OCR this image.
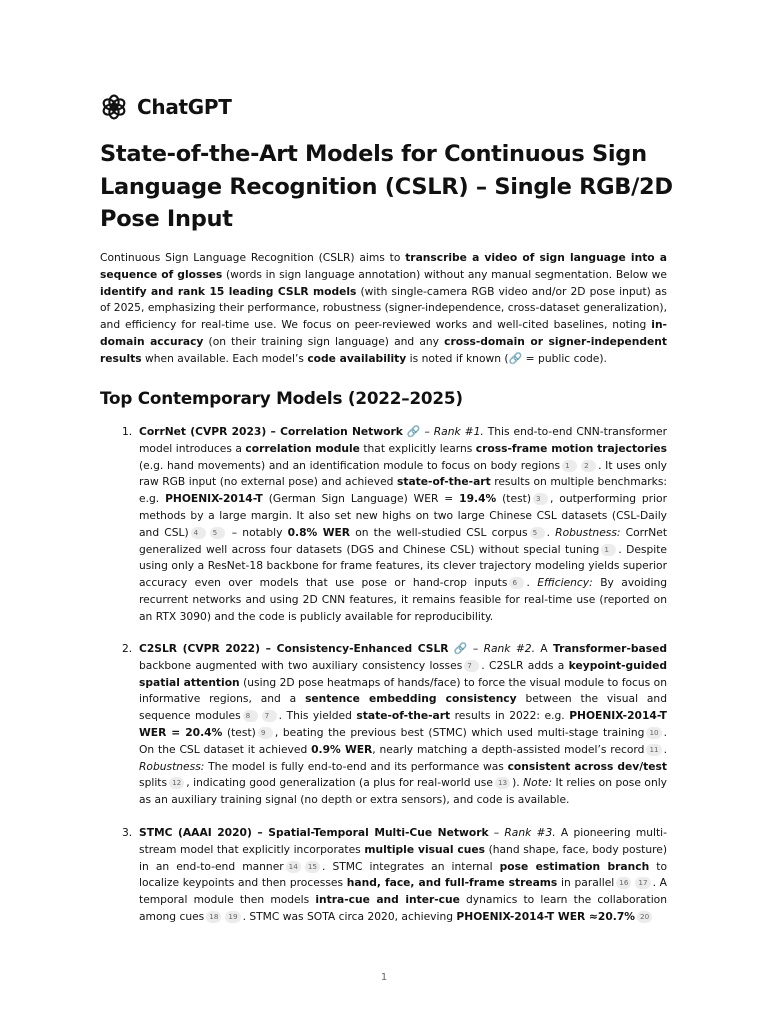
ChatGPT
State-of-the-Art Models for Continuous Sign Language Recognition (CSLR) – Single RGB/2D Pose Input

Continuous Sign Language Recognition (CSLR) aims to transcribe a video of sign language into a sequence of glosses (words in sign language annotation) without any manual segmentation. Below we identify and rank 15 leading CSLR models (with single-camera RGB video and/or 2D pose input) as of 2025, emphasizing their performance, robustness (signer-independence, cross-dataset generalization), and efficiency for real-time use. We focus on peer-reviewed works and well-cited baselines, noting in-domain accuracy (on their training sign language) and any cross-domain or signer-independent results when available. Each model’s code availability is noted if known (🔗 = public code).

Top Contemporary Models (2022–2025)

1. CorrNet (CVPR 2023) – Correlation Network 🔗 – Rank #1. This end-to-end CNN-transformer model introduces a correlation module that explicitly learns cross-frame motion trajectories (e.g. hand movements) and an identification module to focus on body regions 1 2 . It uses only raw RGB input (no external pose) and achieved state-of-the-art results on multiple benchmarks: e.g. PHOENIX-2014-T (German Sign Language) WER = 19.4% (test) 3 , outperforming prior methods by a large margin. It also set new highs on two large Chinese CSL datasets (CSL-Daily and CSL) 4 5 – notably 0.8% WER on the well-studied CSL corpus 5 . Robustness: CorrNet generalized well across four datasets (DGS and Chinese CSL) without special tuning 1 . Despite using only a ResNet-18 backbone for frame features, its clever trajectory modeling yields superior accuracy even over models that use pose or hand-crop inputs 6 . Efficiency: By avoiding recurrent networks and using 2D CNN features, it remains feasible for real-time use (reported on an RTX 3090) and the code is publicly available for reproducibility.

2. C2SLR (CVPR 2022) – Consistency-Enhanced CSLR 🔗 – Rank #2. A Transformer-based backbone augmented with two auxiliary consistency losses 7 . C2SLR adds a keypoint-guided spatial attention (using 2D pose heatmaps of hands/face) to force the visual module to focus on informative regions, and a sentence embedding consistency between the visual and sequence modules 8 7 . This yielded state-of-the-art results in 2022: e.g. PHOENIX-2014-T WER = 20.4% (test) 9 , beating the previous best (STMC) which used multi-stage training 10 . On the CSL dataset it achieved 0.9% WER, nearly matching a depth-assisted model’s record 11 . Robustness: The model is fully end-to-end and its performance was consistent across dev/test splits 12 , indicating good generalization (a plus for real-world use 13 ). Note: It relies on pose only as an auxiliary training signal (no depth or extra sensors), and code is available.

3. STMC (AAAI 2020) – Spatial-Temporal Multi-Cue Network – Rank #3. A pioneering multi-stream model that explicitly incorporates multiple visual cues (hand shape, face, body posture) in an end-to-end manner 14 15 . STMC integrates an internal pose estimation branch to localize keypoints and then processes hand, face, and full-frame streams in parallel 16 17 . A temporal module then models intra-cue and inter-cue dynamics to learn the collaboration among cues 18 19 . STMC was SOTA circa 2020, achieving PHOENIX-2014-T WER ≈20.7% 20

1
